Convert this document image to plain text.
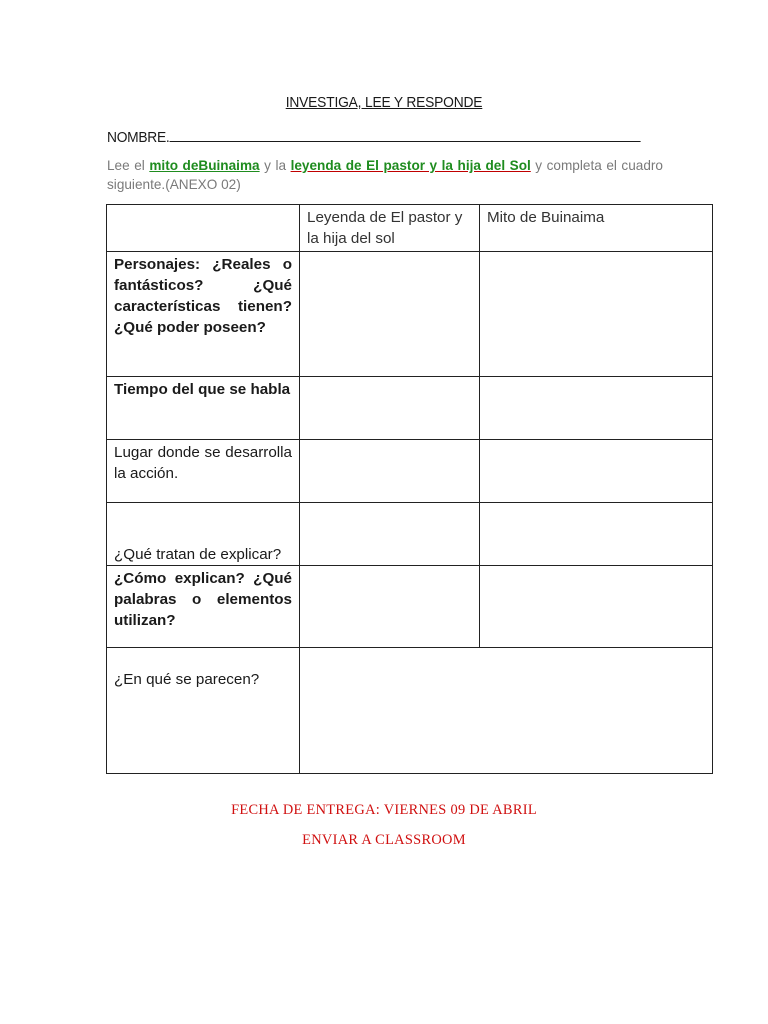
INVESTIGA, LEE Y RESPONDE
NOMBRE.
Lee el mito deBuinaima y la leyenda de El pastor y la hija del Sol y completa el cuadro siguiente.(ANEXO 02)
	Leyenda de El pastor y la hija del sol	Mito de Buinaima
Personajes: ¿Reales o fantásticos? ¿Qué características tienen? ¿Qué poder poseen?		
Tiempo del que se habla		
Lugar donde se desarrolla la acción.		
¿Qué tratan de explicar?		
¿Cómo explican? ¿Qué palabras o elementos utilizan?		
¿En qué se parecen?		
FECHA DE ENTREGA: VIERNES 09 DE ABRIL
ENVIAR A CLASSROOM
